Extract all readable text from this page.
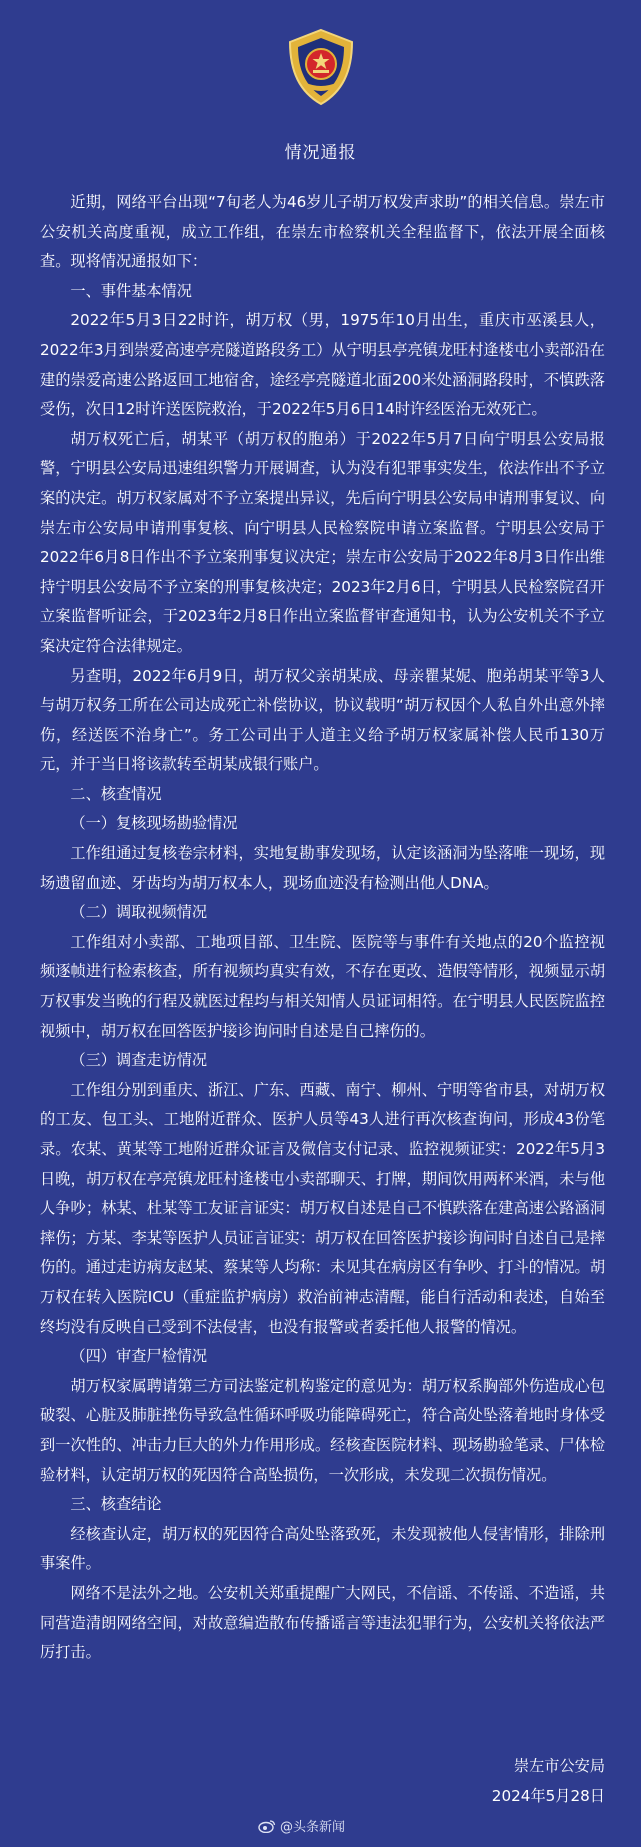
情况通报

近期，网络平台出现“7旬老人为46岁儿子胡万权发声求助”的相关信息。崇左市公安机关高度重视，成立工作组，在崇左市检察机关全程监督下，依法开展全面核查。现将情况通报如下：

一、事件基本情况

2022年5月3日22时许，胡万权（男，1975年10月出生，重庆市巫溪县人，2022年3月到崇爱高速亭亮隧道路段务工）从宁明县亭亮镇龙旺村逢楼屯小卖部沿在建的崇爱高速公路返回工地宿舍，途经亭亮隧道北面200米处涵洞路段时，不慎跌落受伤，次日12时许送医院救治，于2022年5月6日14时许经医治无效死亡。

胡万权死亡后，胡某平（胡万权的胞弟）于2022年5月7日向宁明县公安局报警，宁明县公安局迅速组织警力开展调查，认为没有犯罪事实发生，依法作出不予立案的决定。胡万权家属对不予立案提出异议，先后向宁明县公安局申请刑事复议、向崇左市公安局申请刑事复核、向宁明县人民检察院申请立案监督。宁明县公安局于2022年6月8日作出不予立案刑事复议决定；崇左市公安局于2022年8月3日作出维持宁明县公安局不予立案的刑事复核决定；2023年2月6日，宁明县人民检察院召开立案监督听证会，于2023年2月8日作出立案监督审查通知书，认为公安机关不予立案决定符合法律规定。

另查明，2022年6月9日，胡万权父亲胡某成、母亲瞿某妮、胞弟胡某平等3人与胡万权务工所在公司达成死亡补偿协议，协议载明“胡万权因个人私自外出意外摔伤，经送医不治身亡”。务工公司出于人道主义给予胡万权家属补偿人民币130万元，并于当日将该款转至胡某成银行账户。

二、核查情况

（一）复核现场勘验情况

工作组通过复核卷宗材料，实地复勘事发现场，认定该涵洞为坠落唯一现场，现场遗留血迹、牙齿均为胡万权本人，现场血迹没有检测出他人DNA。

（二）调取视频情况

工作组对小卖部、工地项目部、卫生院、医院等与事件有关地点的20个监控视频逐帧进行检索核查，所有视频均真实有效，不存在更改、造假等情形，视频显示胡万权事发当晚的行程及就医过程均与相关知情人员证词相符。在宁明县人民医院监控视频中，胡万权在回答医护接诊询问时自述是自己摔伤的。

（三）调查走访情况

工作组分别到重庆、浙江、广东、西藏、南宁、柳州、宁明等省市县，对胡万权的工友、包工头、工地附近群众、医护人员等43人进行再次核查询问，形成43份笔录。农某、黄某等工地附近群众证言及微信支付记录、监控视频证实：2022年5月3日晚，胡万权在亭亮镇龙旺村逢楼屯小卖部聊天、打牌，期间饮用两杯米酒，未与他人争吵；林某、杜某等工友证言证实：胡万权自述是自己不慎跌落在建高速公路涵洞摔伤；方某、李某等医护人员证言证实：胡万权在回答医护接诊询问时自述自己是摔伤的。通过走访病友赵某、蔡某等人均称：未见其在病房区有争吵、打斗的情况。胡万权在转入医院ICU（重症监护病房）救治前神志清醒，能自行活动和表述，自始至终均没有反映自己受到不法侵害，也没有报警或者委托他人报警的情况。

（四）审查尸检情况

胡万权家属聘请第三方司法鉴定机构鉴定的意见为：胡万权系胸部外伤造成心包破裂、心脏及肺脏挫伤导致急性循环呼吸功能障碍死亡，符合高处坠落着地时身体受到一次性的、冲击力巨大的外力作用形成。经核查医院材料、现场勘验笔录、尸体检验材料，认定胡万权的死因符合高坠损伤，一次形成，未发现二次损伤情况。

三、核查结论

经核查认定，胡万权的死因符合高处坠落致死，未发现被他人侵害情形，排除刑事案件。

网络不是法外之地。公安机关郑重提醒广大网民，不信谣、不传谣、不造谣，共同营造清朗网络空间，对故意编造散布传播谣言等违法犯罪行为，公安机关将依法严厉打击。

崇左市公安局
2024年5月28日
@头条新闻
